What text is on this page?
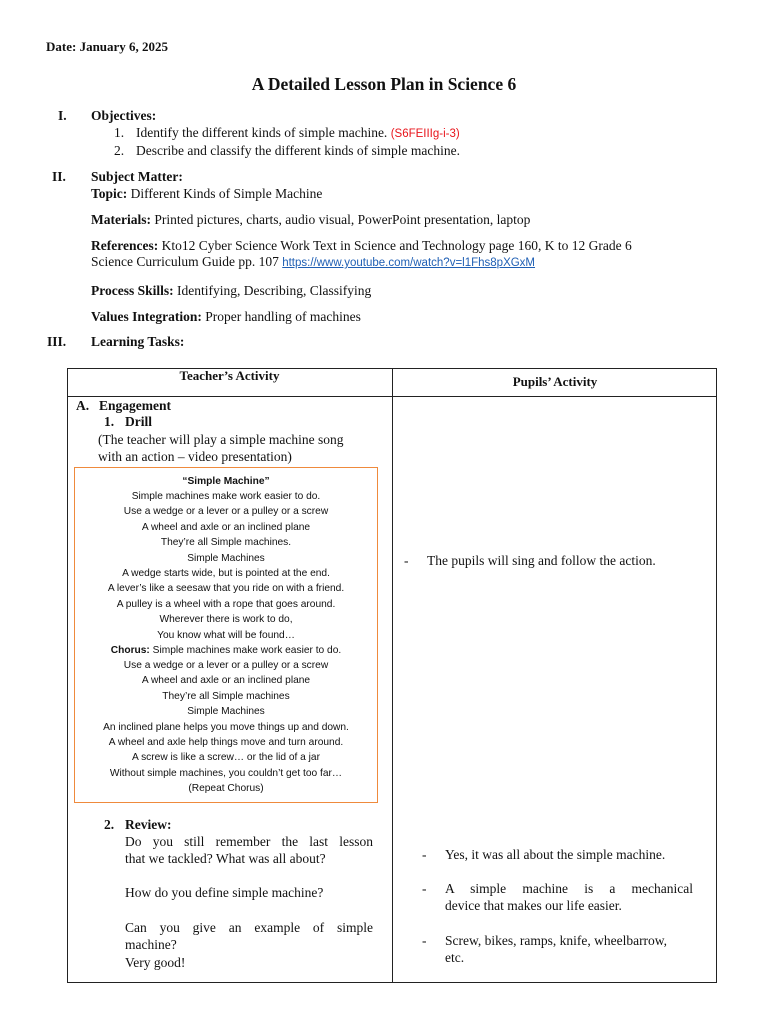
Date: January 6, 2025
A Detailed Lesson Plan in Science 6
I. Objectives:
1. Identify the different kinds of simple machine. (S6FEIIIg-i-3)
2. Describe and classify the different kinds of simple machine.
II. Subject Matter:
Topic: Different Kinds of Simple Machine
Materials: Printed pictures, charts, audio visual, PowerPoint presentation, laptop
References: Kto12 Cyber Science Work Text in Science and Technology page 160, K to 12 Grade 6
Science Curriculum Guide pp. 107 https://www.youtube.com/watch?v=l1Fhs8pXGxM
Process Skills: Identifying, Describing, Classifying
Values Integration: Proper handling of machines
III. Learning Tasks:
Teacher’s Activity	Pupils’ Activity
A. Engagement
1. Drill
(The teacher will play a simple machine song
with an action – video presentation)
“Simple Machine”
Simple machines make work easier to do.
Use a wedge or a lever or a pulley or a screw
A wheel and axle or an inclined plane
They’re all Simple machines.
Simple Machines
A wedge starts wide, but is pointed at the end.
A lever’s like a seesaw that you ride on with a friend.
A pulley is a wheel with a rope that goes around.
Wherever there is work to do,
You know what will be found…
Chorus: Simple machines make work easier to do.
Use a wedge or a lever or a pulley or a screw
A wheel and axle or an inclined plane
They’re all Simple machines
Simple Machines
An inclined plane helps you move things up and down.
A wheel and axle help things move and turn around.
A screw is like a screw… or the lid of a jar
Without simple machines, you couldn’t get too far…
(Repeat Chorus)
- The pupils will sing and follow the action.
2. Review:
Do you still remember the last lesson
that we tackled? What was all about?
How do you define simple machine?
Can you give an example of simple
machine?
Very good!
- Yes, it was all about the simple machine.
- A simple machine is a mechanical
device that makes our life easier.
- Screw, bikes, ramps, knife, wheelbarrow,
etc.
